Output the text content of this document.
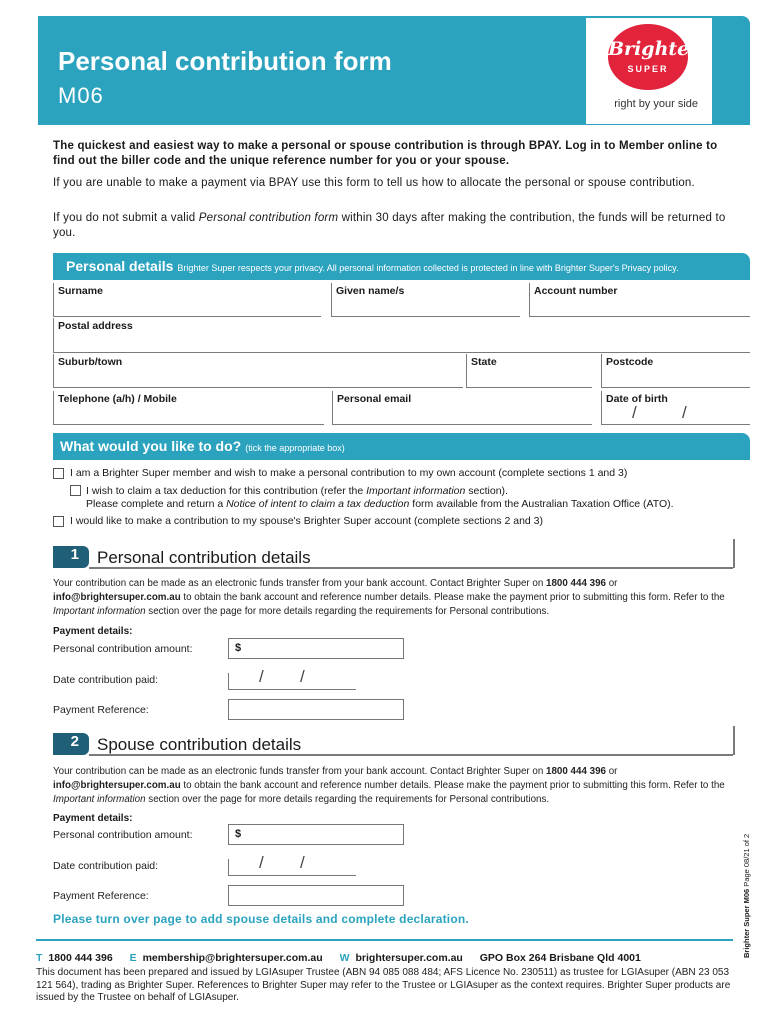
Personal contribution form
M06
Brighter
SUPER
right by your side
The quickest and easiest way to make a personal or spouse contribution is through BPAY. Log in to Member online to find out the biller code and the unique reference number for you or your spouse.
If you are unable to make a payment via BPAY use this form to tell us how to allocate the personal or spouse contribution.
If you do not submit a valid Personal contribution form within 30 days after making the contribution, the funds will be returned to you.
Personal details Brighter Super respects your privacy. All personal information collected is protected in line with Brighter Super's Privacy policy.
Surname	Given name/s	Account number
Postal address
Suburb/town	State	Postcode
Telephone (a/h) / Mobile	Personal email	Date of birth
/	/
What would you like to do? (tick the appropriate box)
I am a Brighter Super member and wish to make a personal contribution to my own account (complete sections 1 and 3)
I wish to claim a tax deduction for this contribution (refer the Important information section).
Please complete and return a Notice of intent to claim a tax deduction form available from the Australian Taxation Office (ATO).
I would like to make a contribution to my spouse's Brighter Super account (complete sections 2 and 3)
1	Personal contribution details
Your contribution can be made as an electronic funds transfer from your bank account. Contact Brighter Super on 1800 444 396 or info@brightersuper.com.au to obtain the bank account and reference number details. Please make the payment prior to submitting this form. Refer to the Important information section over the page for more details regarding the requirements for Personal contributions.
Payment details:
Personal contribution amount:	$
Date contribution paid:	/ /
Payment Reference:
2	Spouse contribution details
Your contribution can be made as an electronic funds transfer from your bank account. Contact Brighter Super on 1800 444 396 or info@brightersuper.com.au to obtain the bank account and reference number details. Please make the payment prior to submitting this form. Refer to the Important information section over the page for more details regarding the requirements for Personal contributions.
Payment details:
Personal contribution amount:	$
Date contribution paid:	/ /
Payment Reference:
Please turn over page to add spouse details and complete declaration.
T 1800 444 396 E membership@brightersuper.com.au W brightersuper.com.au GPO Box 264 Brisbane Qld 4001
This document has been prepared and issued by LGIAsuper Trustee (ABN 94 085 088 484; AFS Licence No. 230511) as trustee for LGIAsuper (ABN 23 053 121 564), trading as Brighter Super. References to Brighter Super may refer to the Trustee or LGIAsuper as the context requires. Brighter Super products are issued by the Trustee on behalf of LGIAsuper.
Brighter Super M06 Page 08/21 of 2
